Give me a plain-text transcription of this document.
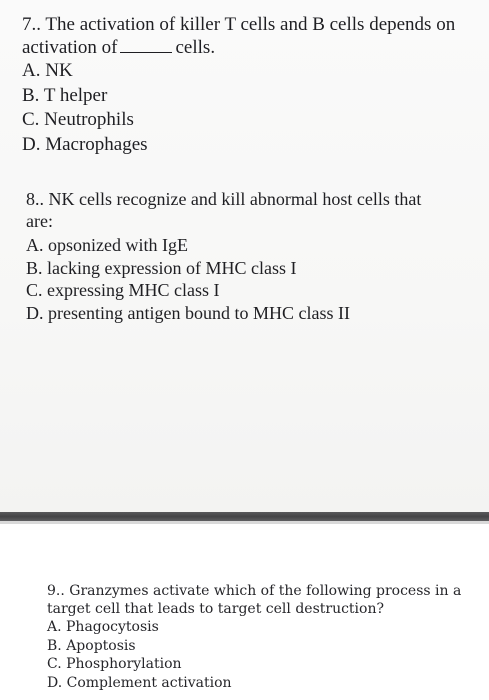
7.. The activation of killer T cells and B cells depends on

activation of	cells.

A. NK

B. T helper

C. Neutrophils

D. Macrophages

8.. NK cells recognize and kill abnormal host cells that

are:

A. opsonized with IgE

B. lacking expression of MHC class I

C. expressing MHC class I

D. presenting antigen bound to MHC class II

9.. Granzymes activate which of the following process in a

target cell that leads to target cell destruction?

A. Phagocytosis

B. Apoptosis

C. Phosphorylation

D. Complement activation
